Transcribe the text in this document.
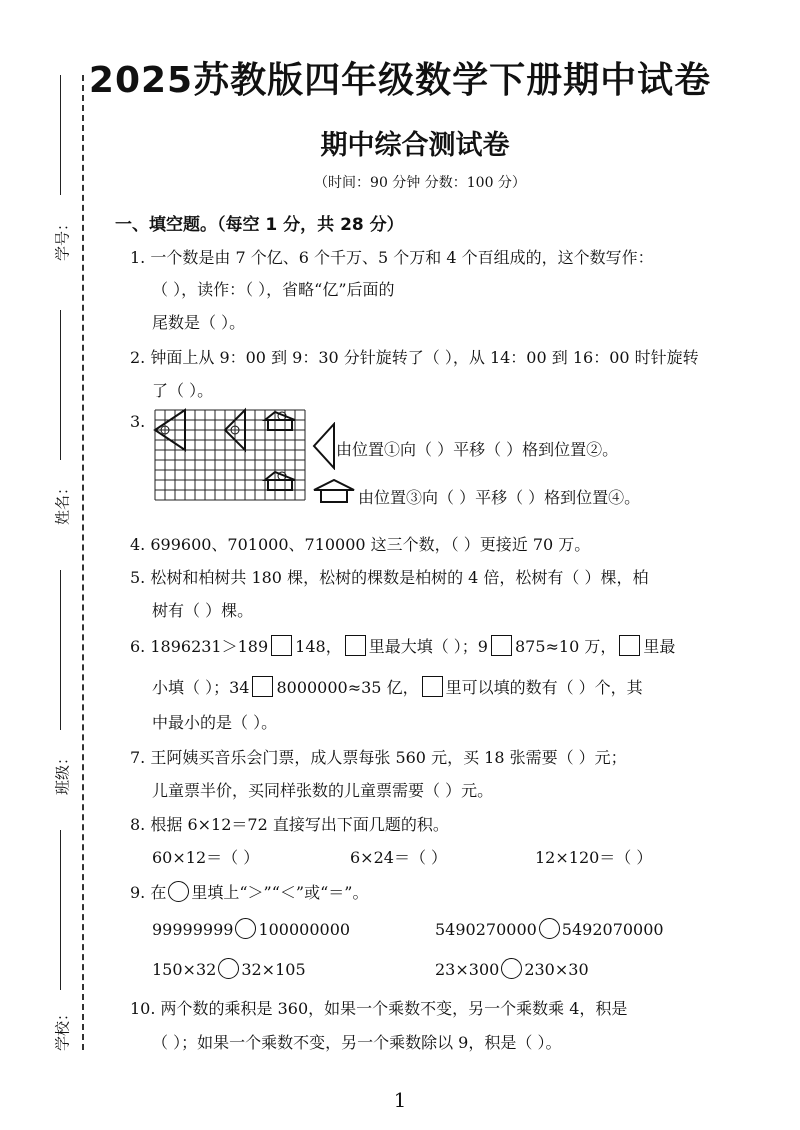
学号：
姓名：
班级：
学校：
2025苏教版四年级数学下册期中试卷
期中综合测试卷
（时间：90 分钟 分数：100 分）
一、填空题。（每空 1 分，共 28 分）
1. 一个数是由 7 个亿、6 个千万、5 个万和 4 个百组成的，这个数写作：
（ ），读作：（ ），省略“亿”后面的
尾数是（ ）。
2. 钟面上从 9：00 到 9：30 分针旋转了（ ），从 14：00 到 16：00 时针旋转
了（ ）。
3.
由位置①向（ ）平移（ ）格到位置②。
由位置③向（ ）平移（ ）格到位置④。
4. 699600、701000、710000 这三个数，（ ）更接近 70 万。
5. 松树和柏树共 180 棵，松树的棵数是柏树的 4 倍，松树有（ ）棵，柏
树有（ ）棵。
6. 1896231＞189 148， 里最大填（ ）；9 875≈10 万， 里最
小填（ ）；34 8000000≈35 亿， 里可以填的数有（ ）个，其
中最小的是（ ）。
7. 王阿姨买音乐会门票，成人票每张 560 元，买 18 张需要（ ）元；
儿童票半价，买同样张数的儿童票需要（ ）元。
8. 根据 6×12＝72 直接写出下面几题的积。
60×12＝（ ）	6×24＝（ ）	12×120＝（ ）
9. 在 里填上“＞”“＜”或“＝”。
99999999 100000000	5490270000 5492070000
150×32 32×105	23×300 230×30
10. 两个数的乘积是 360，如果一个乘数不变，另一个乘数乘 4，积是
（ ）；如果一个乘数不变，另一个乘数除以 9，积是（ ）。
1
